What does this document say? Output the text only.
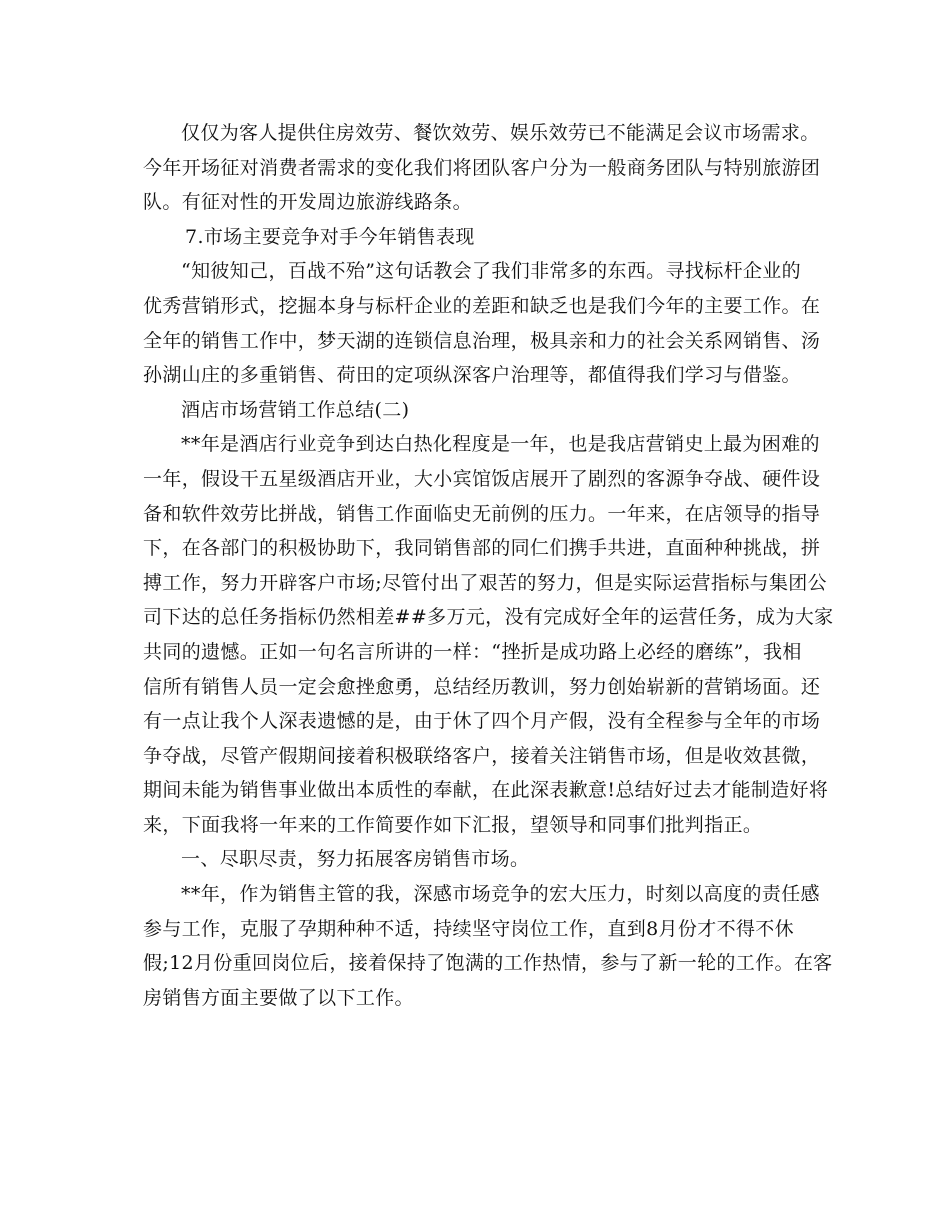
仅仅为客人提供住房效劳、餐饮效劳、娱乐效劳已不能满足会议市场需求。
今年开场征对消费者需求的变化我们将团队客户分为一般商务团队与特别旅游团
队。有征对性的开发周边旅游线路条。
7.市场主要竞争对手今年销售表现
“知彼知己，百战不殆”这句话教会了我们非常多的东西。寻找标杆企业的
优秀营销形式，挖掘本身与标杆企业的差距和缺乏也是我们今年的主要工作。在
全年的销售工作中，梦天湖的连锁信息治理，极具亲和力的社会关系网销售、汤
孙湖山庄的多重销售、荷田的定项纵深客户治理等，都值得我们学习与借鉴。
酒店市场营销工作总结(二)
**年是酒店行业竞争到达白热化程度是一年，也是我店营销史上最为困难的
一年，假设干五星级酒店开业，大小宾馆饭店展开了剧烈的客源争夺战、硬件设
备和软件效劳比拼战，销售工作面临史无前例的压力。一年来，在店领导的指导
下，在各部门的积极协助下，我同销售部的同仁们携手共进，直面种种挑战，拼
搏工作，努力开辟客户市场;尽管付出了艰苦的努力，但是实际运营指标与集团公
司下达的总任务指标仍然相差##多万元，没有完成好全年的运营任务，成为大家
共同的遗憾。正如一句名言所讲的一样：“挫折是成功路上必经的磨练”，我相
信所有销售人员一定会愈挫愈勇，总结经历教训，努力创始崭新的营销场面。还
有一点让我个人深表遗憾的是，由于休了四个月产假，没有全程参与全年的市场
争夺战，尽管产假期间接着积极联络客户，接着关注销售市场，但是收效甚微，
期间未能为销售事业做出本质性的奉献，在此深表歉意!总结好过去才能制造好将
来，下面我将一年来的工作简要作如下汇报，望领导和同事们批判指正。
一、尽职尽责，努力拓展客房销售市场。
**年，作为销售主管的我，深感市场竞争的宏大压力，时刻以高度的责任感
参与工作，克服了孕期种种不适，持续坚守岗位工作，直到8月份才不得不休
假;12月份重回岗位后，接着保持了饱满的工作热情，参与了新一轮的工作。在客
房销售方面主要做了以下工作。
